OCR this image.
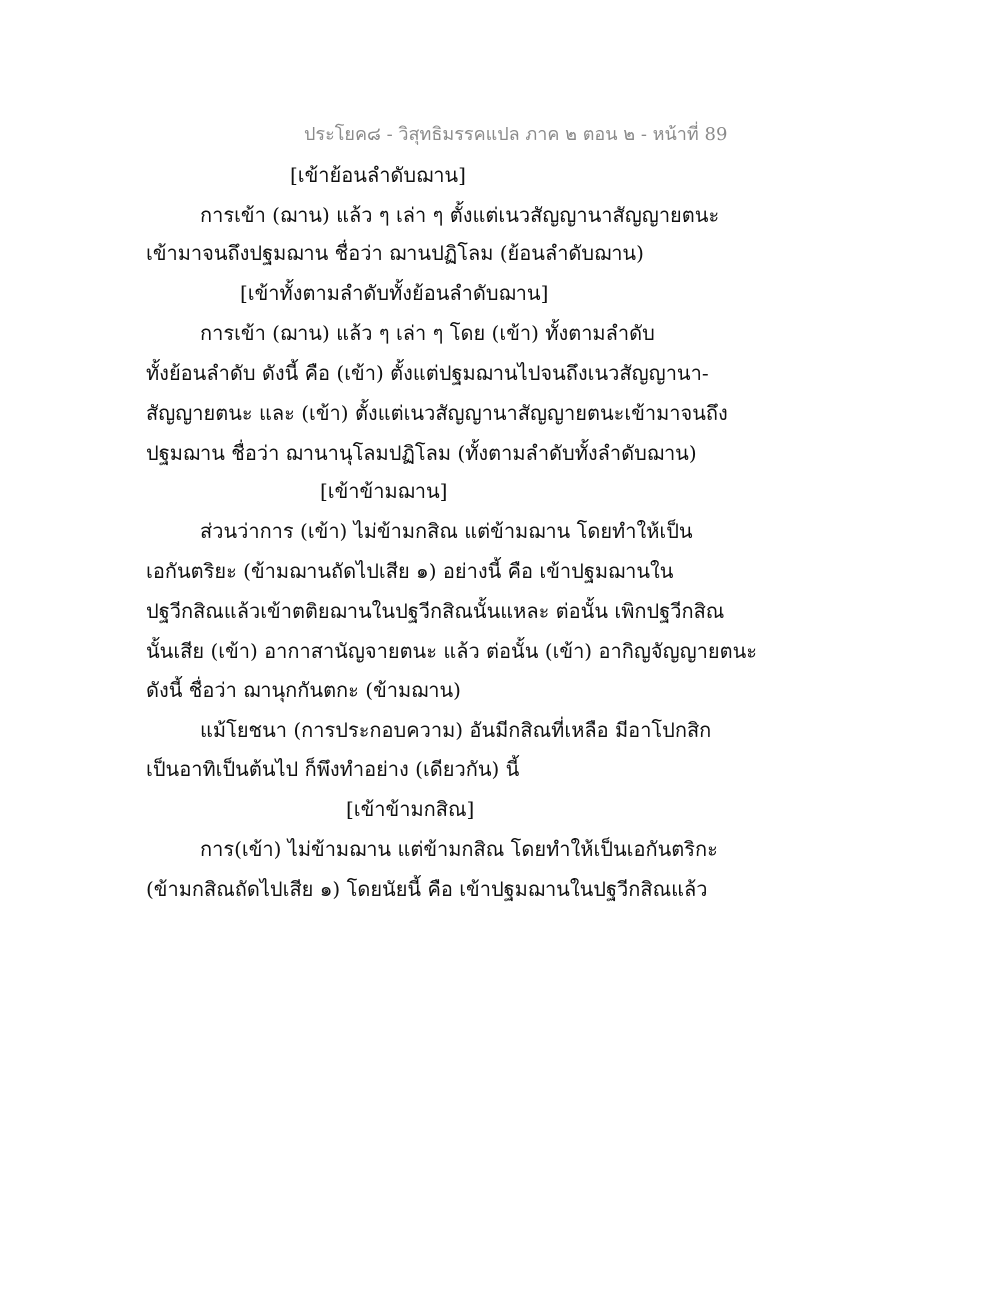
ประโยค๘ - วิสุทธิมรรคแปล ภาค ๒ ตอน ๒ - หน้าที่ 89
[เข้าย้อนลำดับฌาน]
การเข้า (ฌาน) แล้ว ๆ เล่า ๆ ตั้งแต่เนวสัญญานาสัญญายตนะ
เข้ามาจนถึงปฐมฌาน ชื่อว่า ฌานปฏิโลม (ย้อนลำดับฌาน)
[เข้าทั้งตามลำดับทั้งย้อนลำดับฌาน]
การเข้า (ฌาน) แล้ว ๆ เล่า ๆ โดย (เข้า) ทั้งตามลำดับ
ทั้งย้อนลำดับ ดังนี้ คือ (เข้า) ตั้งแต่ปฐมฌานไปจนถึงเนวสัญญานา-
สัญญายตนะ และ (เข้า) ตั้งแต่เนวสัญญานาสัญญายตนะเข้ามาจนถึง
ปฐมฌาน ชื่อว่า ฌานานุโลมปฏิโลม (ทั้งตามลำดับทั้งลำดับฌาน)
[เข้าข้ามฌาน]
ส่วนว่าการ (เข้า) ไม่ข้ามกสิณ แต่ข้ามฌาน โดยทำให้เป็น
เอกันตริยะ (ข้ามฌานถัดไปเสีย ๑) อย่างนี้ คือ เข้าปฐมฌานใน
ปฐวีกสิณแล้วเข้าตติยฌานในปฐวีกสิณนั้นแหละ ต่อนั้น เพิกปฐวีกสิณ
นั้นเสีย (เข้า) อากาสานัญจายตนะ แล้ว ต่อนั้น (เข้า) อากิญจัญญายตนะ
ดังนี้ ชื่อว่า ฌานุกกันตกะ (ข้ามฌาน)
แม้โยชนา (การประกอบความ) อันมีกสิณที่เหลือ มีอาโปกสิก
เป็นอาทิเป็นต้นไป ก็พึงทำอย่าง (เดียวกัน) นี้
[เข้าข้ามกสิณ]
การ(เข้า) ไม่ข้ามฌาน แต่ข้ามกสิณ โดยทำให้เป็นเอกันตริกะ
(ข้ามกสิณถัดไปเสีย ๑) โดยนัยนี้ คือ เข้าปฐมฌานในปฐวีกสิณแล้ว
